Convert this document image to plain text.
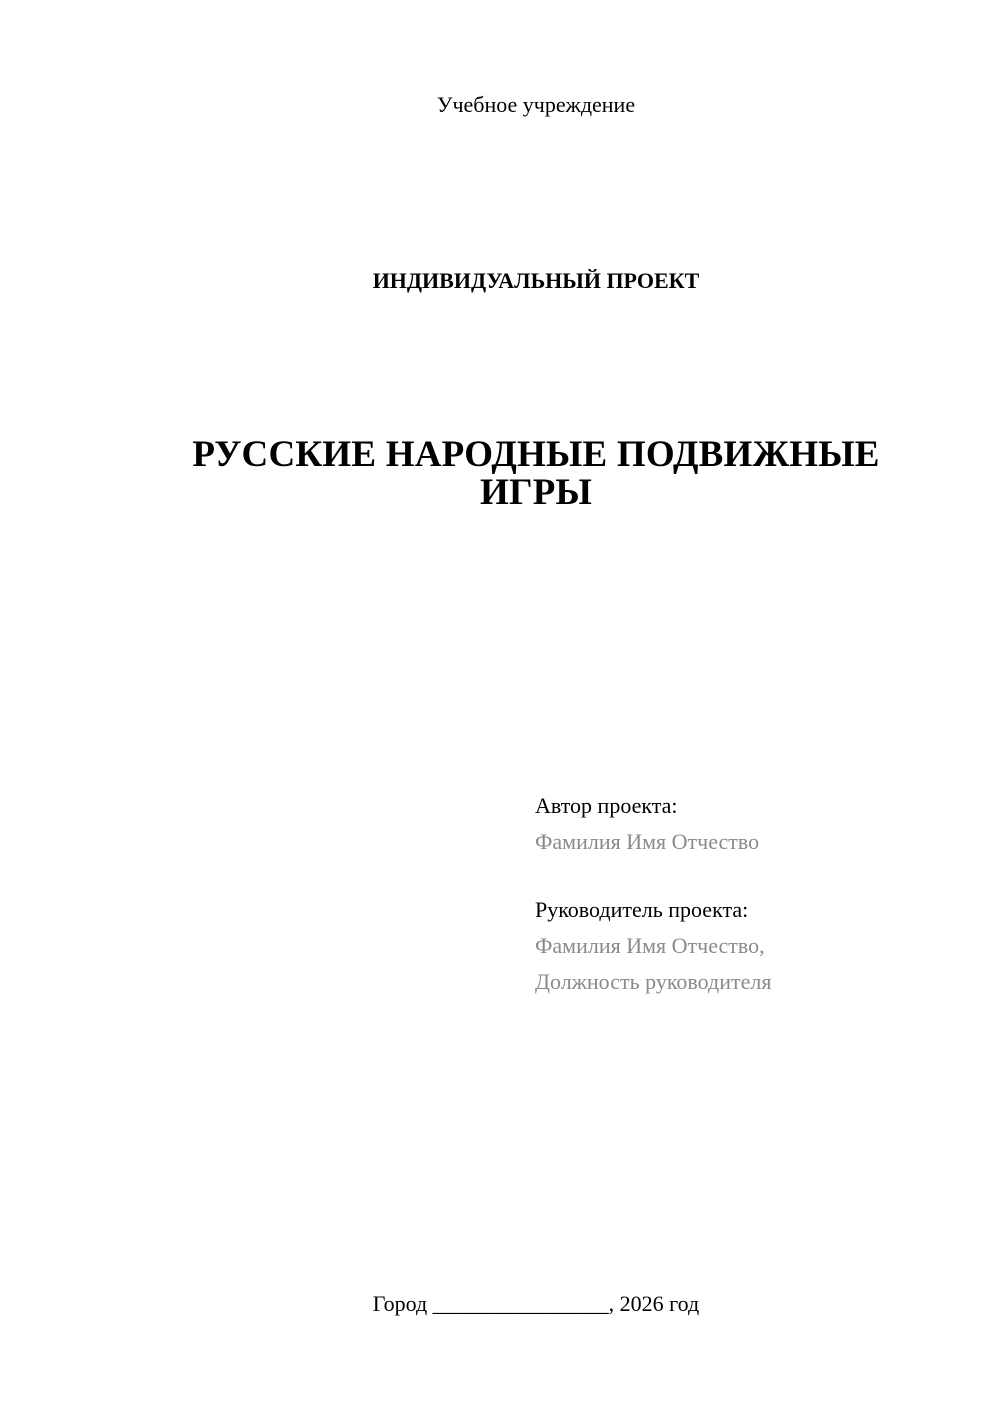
Учебное учреждение
ИНДИВИДУАЛЬНЫЙ ПРОЕКТ
РУССКИЕ НАРОДНЫЕ ПОДВИЖНЫЕ
ИГРЫ
Автор проекта:
Фамилия Имя Отчество
Руководитель проекта:
Фамилия Имя Отчество,
Должность руководителя
Город ________________, 2026 год
